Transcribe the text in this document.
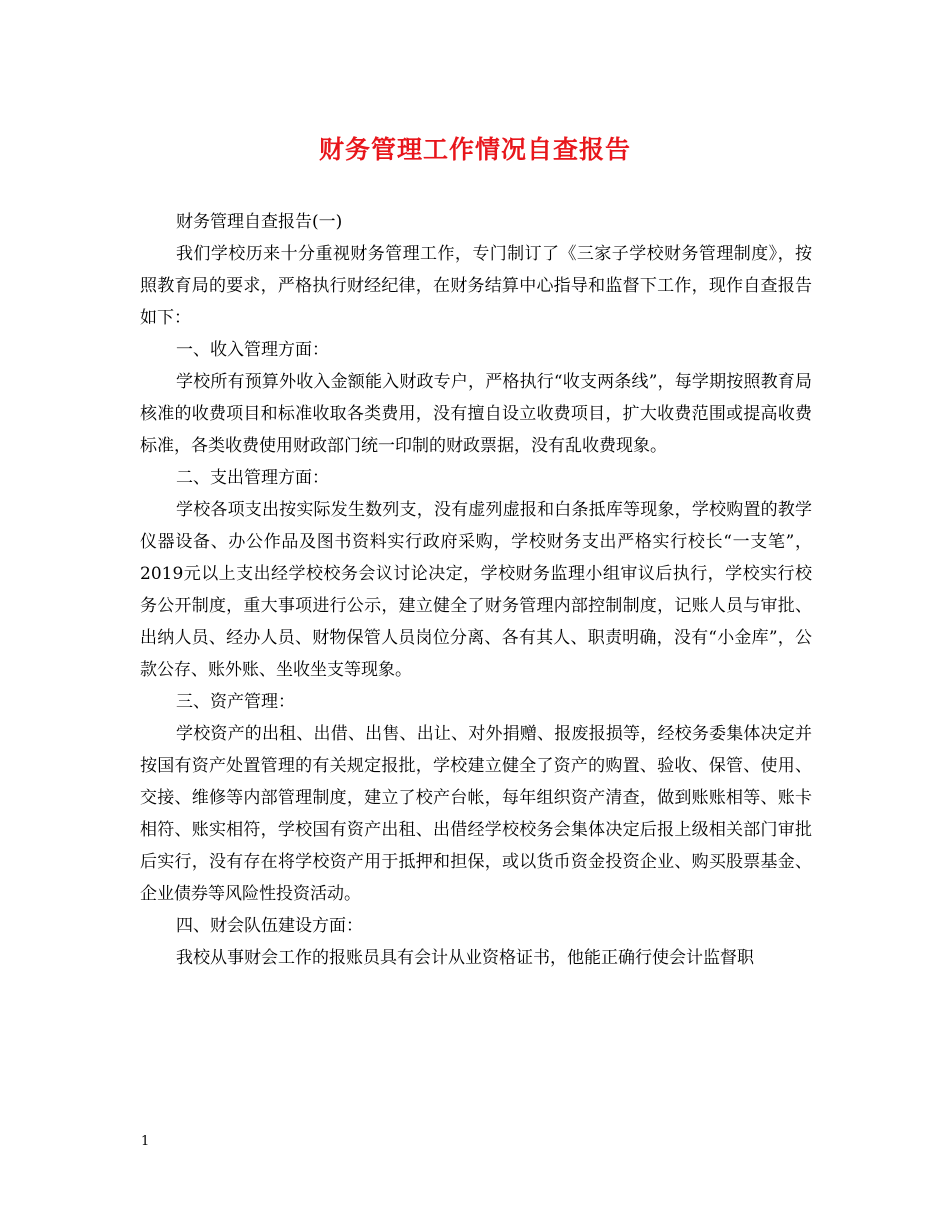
财务管理工作情况自查报告

财务管理自查报告(一)

我们学校历来十分重视财务管理工作，专门制订了《三家子学校财务管理制度》，按照教育局的要求，严格执行财经纪律，在财务结算中心指导和监督下工作，现作自查报告如下：

一、收入管理方面：

学校所有预算外收入金额能入财政专户，严格执行“收支两条线”，每学期按照教育局核准的收费项目和标准收取各类费用，没有擅自设立收费项目，扩大收费范围或提高收费标准，各类收费使用财政部门统一印制的财政票据，没有乱收费现象。

二、支出管理方面：

学校各项支出按实际发生数列支，没有虚列虚报和白条抵库等现象，学校购置的教学仪器设备、办公作品及图书资料实行政府采购，学校财务支出严格实行校长“一支笔”，2019元以上支出经学校校务会议讨论决定，学校财务监理小组审议后执行，学校实行校务公开制度，重大事项进行公示，建立健全了财务管理内部控制制度，记账人员与审批、出纳人员、经办人员、财物保管人员岗位分离、各有其人、职责明确，没有“小金库”，公款公存、账外账、坐收坐支等现象。

三、资产管理：

学校资产的出租、出借、出售、出让、对外捐赠、报废报损等，经校务委集体决定并按国有资产处置管理的有关规定报批，学校建立健全了资产的购置、验收、保管、使用、交接、维修等内部管理制度，建立了校产台帐，每年组织资产清查，做到账账相等、账卡相符、账实相符，学校国有资产出租、出借经学校校务会集体决定后报上级相关部门审批后实行，没有存在将学校资产用于抵押和担保，或以货币资金投资企业、购买股票基金、企业债券等风险性投资活动。

四、财会队伍建设方面：

我校从事财会工作的报账员具有会计从业资格证书，他能正确行使会计监督职

1
